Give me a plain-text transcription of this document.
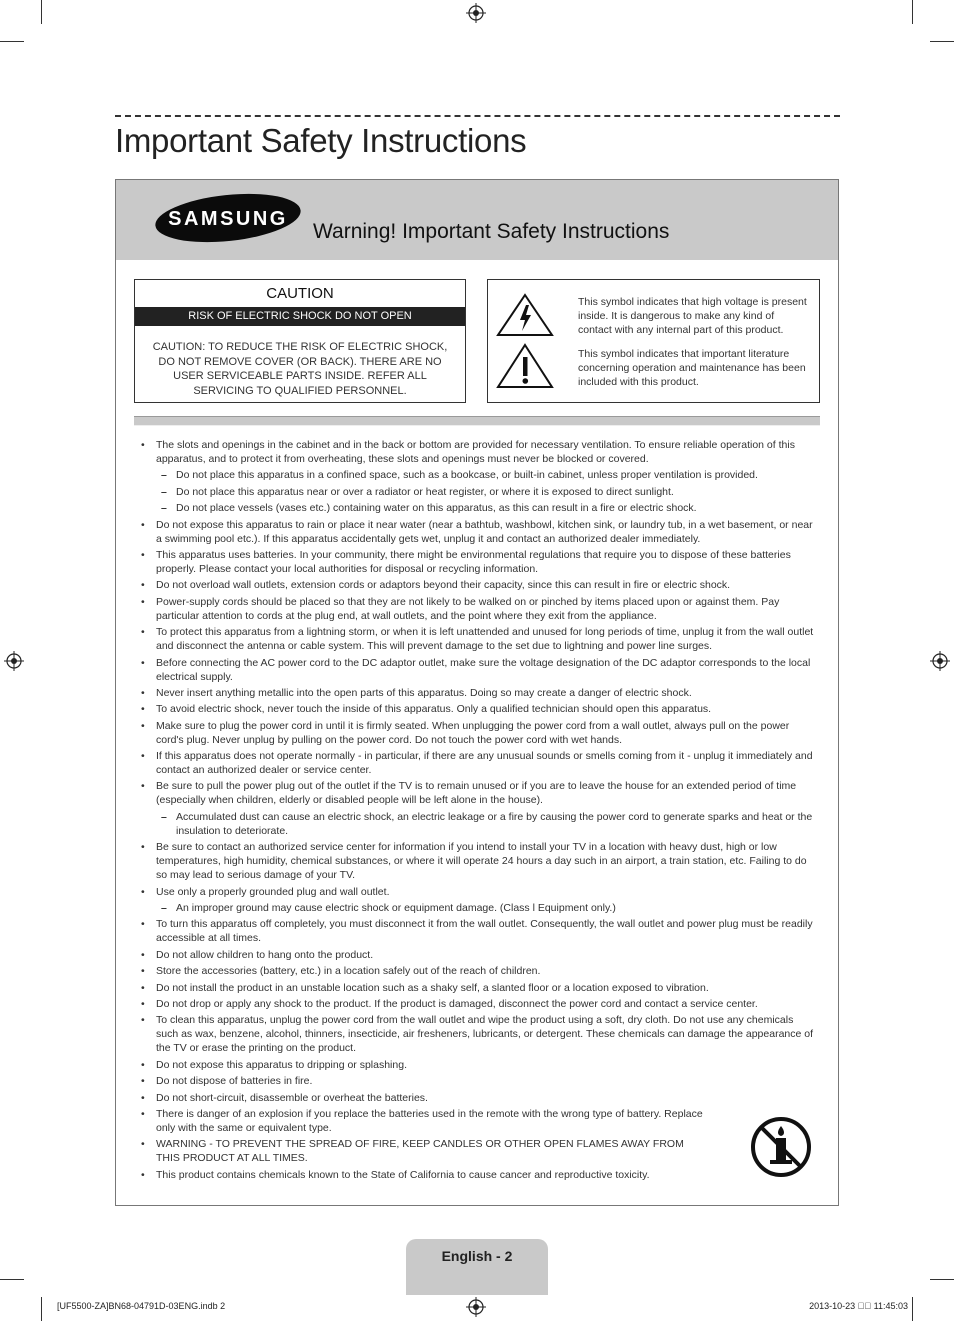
Important Safety Instructions
SAMSUNG
Warning! Important Safety Instructions
CAUTION
RISK OF ELECTRIC SHOCK DO NOT OPEN
CAUTION: TO REDUCE THE RISK OF ELECTRIC SHOCK, DO NOT REMOVE COVER (OR BACK). THERE ARE NO USER SERVICEABLE PARTS INSIDE. REFER ALL SERVICING TO QUALIFIED PERSONNEL.
This symbol indicates that high voltage is present inside. It is dangerous to make any kind of contact with any internal part of this product.
This symbol indicates that important literature concerning operation and maintenance has been included with this product.
• The slots and openings in the cabinet and in the back or bottom are provided for necessary ventilation. To ensure reliable operation of this apparatus, and to protect it from overheating, these slots and openings must never be blocked or covered.
– Do not place this apparatus in a confined space, such as a bookcase, or built-in cabinet, unless proper ventilation is provided.
– Do not place this apparatus near or over a radiator or heat register, or where it is exposed to direct sunlight.
– Do not place vessels (vases etc.) containing water on this apparatus, as this can result in a fire or electric shock.
• Do not expose this apparatus to rain or place it near water (near a bathtub, washbowl, kitchen sink, or laundry tub, in a wet basement, or near a swimming pool etc.). If this apparatus accidentally gets wet, unplug it and contact an authorized dealer immediately.
• This apparatus uses batteries. In your community, there might be environmental regulations that require you to dispose of these batteries properly. Please contact your local authorities for disposal or recycling information.
• Do not overload wall outlets, extension cords or adaptors beyond their capacity, since this can result in fire or electric shock.
• Power-supply cords should be placed so that they are not likely to be walked on or pinched by items placed upon or against them. Pay particular attention to cords at the plug end, at wall outlets, and the point where they exit from the appliance.
• To protect this apparatus from a lightning storm, or when it is left unattended and unused for long periods of time, unplug it from the wall outlet and disconnect the antenna or cable system. This will prevent damage to the set due to lightning and power line surges.
• Before connecting the AC power cord to the DC adaptor outlet, make sure the voltage designation of the DC adaptor corresponds to the local electrical supply.
• Never insert anything metallic into the open parts of this apparatus. Doing so may create a danger of electric shock.
• To avoid electric shock, never touch the inside of this apparatus. Only a qualified technician should open this apparatus.
• Make sure to plug the power cord in until it is firmly seated. When unplugging the power cord from a wall outlet, always pull on the power cord's plug. Never unplug by pulling on the power cord. Do not touch the power cord with wet hands.
• If this apparatus does not operate normally - in particular, if there are any unusual sounds or smells coming from it - unplug it immediately and contact an authorized dealer or service center.
• Be sure to pull the power plug out of the outlet if the TV is to remain unused or if you are to leave the house for an extended period of time (especially when children, elderly or disabled people will be left alone in the house).
– Accumulated dust can cause an electric shock, an electric leakage or a fire by causing the power cord to generate sparks and heat or the insulation to deteriorate.
• Be sure to contact an authorized service center for information if you intend to install your TV in a location with heavy dust, high or low temperatures, high humidity, chemical substances, or where it will operate 24 hours a day such in an airport, a train station, etc. Failing to do so may lead to serious damage of your TV.
• Use only a properly grounded plug and wall outlet.
– An improper ground may cause electric shock or equipment damage. (Class l Equipment only.)
• To turn this apparatus off completely, you must disconnect it from the wall outlet. Consequently, the wall outlet and power plug must be readily accessible at all times.
• Do not allow children to hang onto the product.
• Store the accessories (battery, etc.) in a location safely out of the reach of children.
• Do not install the product in an unstable location such as a shaky self, a slanted floor or a location exposed to vibration.
• Do not drop or apply any shock to the product. If the product is damaged, disconnect the power cord and contact a service center.
• To clean this apparatus, unplug the power cord from the wall outlet and wipe the product using a soft, dry cloth. Do not use any chemicals such as wax, benzene, alcohol, thinners, insecticide, air fresheners, lubricants, or detergent. These chemicals can damage the appearance of the TV or erase the printing on the product.
• Do not expose this apparatus to dripping or splashing.
• Do not dispose of batteries in fire.
• Do not short-circuit, disassemble or overheat the batteries.
• There is danger of an explosion if you replace the batteries used in the remote with the wrong type of battery. Replace only with the same or equivalent type.
• WARNING - TO PREVENT THE SPREAD OF FIRE, KEEP CANDLES OR OTHER OPEN FLAMES AWAY FROM THIS PRODUCT AT ALL TIMES.
• This product contains chemicals known to the State of California to cause cancer and reproductive toxicity.
English - 2
[UF5500-ZA]BN68-04791D-03ENG.indb 2	2013-10-23 ￿￿ 11:45:03
